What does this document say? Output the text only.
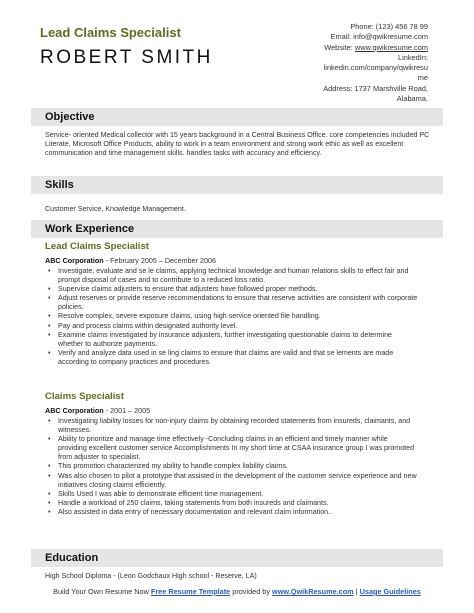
Lead Claims Specialist
ROBERT SMITH
Phone: (123) 456 78 99
Email: info@qwikresume.com
Website: www.qwikresume.com
LinkedIn:
linkedin.com/company/qwikresu
me
Address: 1737 Marshville Road,
Alabama.
Objective
Service- oriented Medical collector with 15 years background in a Central Business Office. core competencies included PC Literate, Microsoft Office Products, ability to work in a team environment and strong work ethic as well as excellent communication and time management skills. handles tasks with accuracy and efficiency.
Skills
Customer Service, Knowledge Management.
Work Experience
Lead Claims Specialist
ABC Corporation - February 2005 – December 2006
• Investigate, evaluate and se le claims, applying technical knowledge and human relations skills to effect fair and prompt disposal of cases and to contribute to a reduced loss ratio.
• Supervise claims adjusters to ensure that adjusters have followed proper methods.
• Adjust reserves or provide reserve recommendations to ensure that reserve activities are consistent with corporate policies.
• Resolve complex, severe exposure claims, using high service oriented file handling.
• Pay and process claims within designated authority level.
• Examine claims investigated by insurance adjusters, further investigating questionable claims to determine whether to authorize payments.
• Verify and analyze data used in se ling claims to ensure that claims are valid and that se lements are made according to company practices and procedures.
Claims Specialist
ABC Corporation - 2001 – 2005
• Investigating liability losses for non-injury claims by obtaining recorded statements from insureds, claimants, and witnesses.
• Ability to prioritize and manage time effectively -Concluding claims in an efficient and timely manner while providing excellent customer service Accomplishments In my short time at CSAA insurance group I was promoted from adjuster to specialist.
• This promotion characterized my ability to handle complex liability claims.
• Was also chosen to pilot a prototype that assisted in the development of the customer service experience and new initiatives closing claims efficiently.
• Skills Used I was able to demonstrate efficient time management.
• Handle a workload of 250 claims, taking statements from both insureds and claimants.
• Also assisted in data entry of necessary documentation and relevant claim information..
Education
High School Diploma - (Leon Godchaux High school - Reserve, LA)
Build Your Own Resume Now Free Resume Template provided by www.QwikResume.com | Usage Guidelines
